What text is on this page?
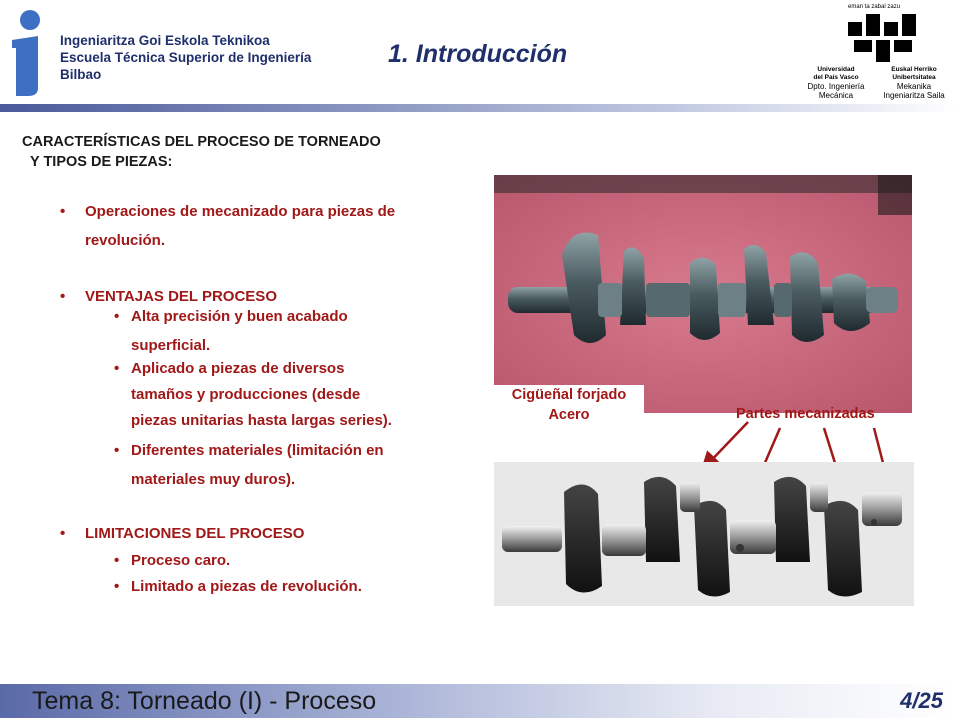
Ingeniaritza Goi Eskola Teknikoa
Escuela Técnica Superior de Ingeniería
Bilbao
1. Introducción
eman ta zabal zazu
Universidad
del País Vasco
Dpto. Ingeniería
Mecánica
Euskal Herriko
Unibertsitatea
Mekanika
Ingeniaritza Saila
CARACTERÍSTICAS DEL PROCESO DE TORNEADO
Y TIPOS DE PIEZAS:
•	Operaciones de mecanizado para piezas de
revolución.
•	VENTAJAS DEL PROCESO
• Alta precisión y buen acabado
superficial.
• Aplicado a piezas de diversos
tamaños y producciones (desde
piezas unitarias hasta largas series).
• Diferentes materiales (limitación en
materiales muy duros).
•	LIMITACIONES DEL PROCESO
• Proceso caro.
• Limitado a piezas de revolución.
Cigüeñal forjado
Acero	Partes mecanizadas
Tema 8: Torneado (I) - Proceso	4/25
